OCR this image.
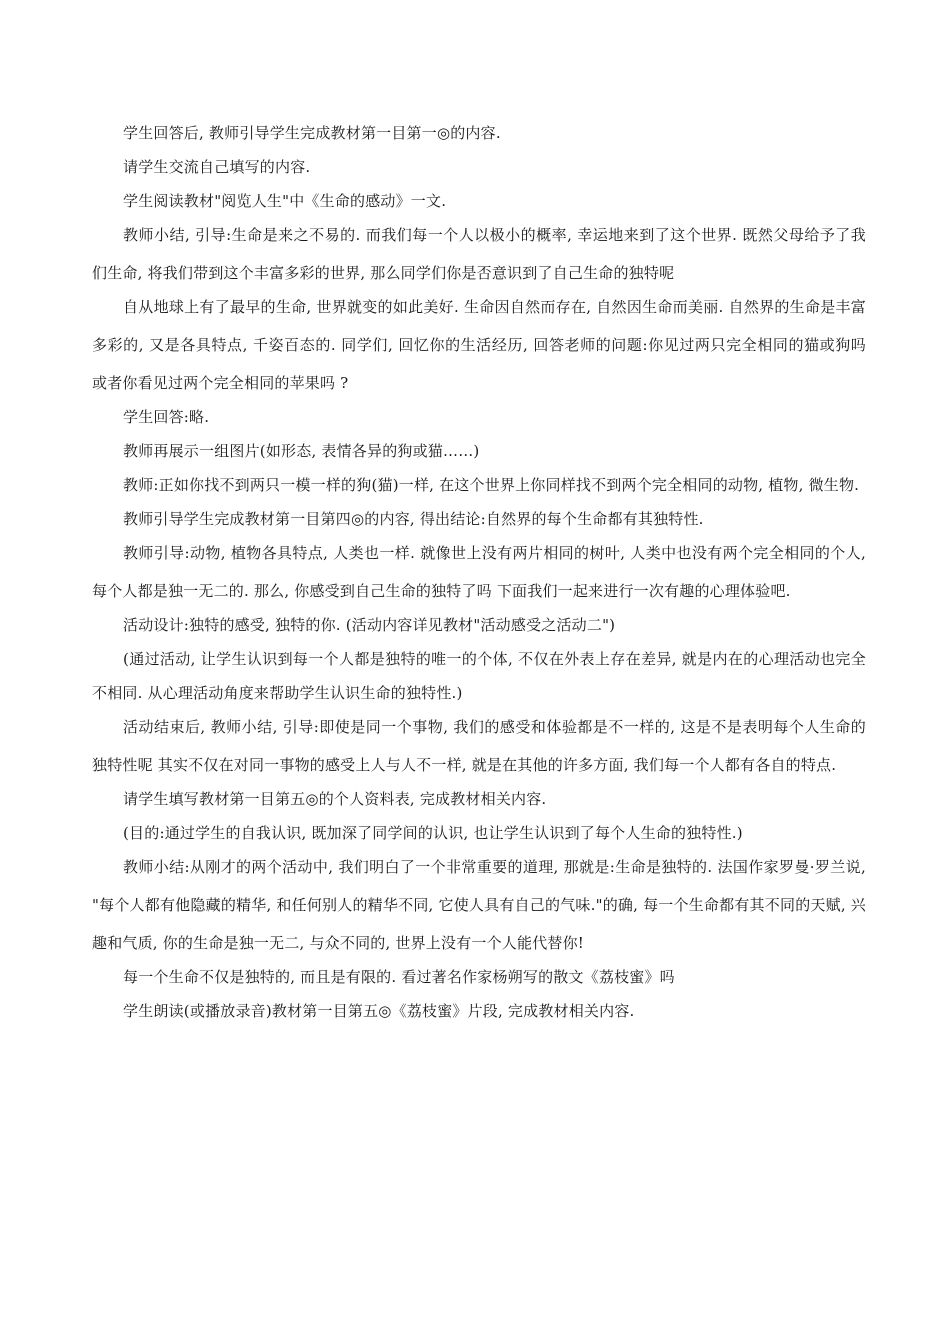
学生回答后, 教师引导学生完成教材第一目第一◎的内容.

请学生交流自己填写的内容.

学生阅读教材"阅览人生"中《生命的感动》一文.

教师小结, 引导:生命是来之不易的. 而我们每一个人以极小的概率, 幸运地来到了这个世界. 既然父母给予了我们生命, 将我们带到这个丰富多彩的世界, 那么同学们你是否意识到了自己生命的独特呢

自从地球上有了最早的生命, 世界就变的如此美好. 生命因自然而存在, 自然因生命而美丽. 自然界的生命是丰富多彩的, 又是各具特点, 千姿百态的. 同学们, 回忆你的生活经历, 回答老师的问题:你见过两只完全相同的猫或狗吗 或者你看见过两个完全相同的苹果吗 ?

学生回答:略.

教师再展示一组图片(如形态, 表情各异的狗或猫……)

教师:正如你找不到两只一模一样的狗(猫)一样, 在这个世界上你同样找不到两个完全相同的动物, 植物, 微生物.

教师引导学生完成教材第一目第四◎的内容, 得出结论:自然界的每个生命都有其独特性.

教师引导:动物, 植物各具特点, 人类也一样. 就像世上没有两片相同的树叶, 人类中也没有两个完全相同的个人, 每个人都是独一无二的. 那么, 你感受到自己生命的独特了吗 下面我们一起来进行一次有趣的心理体验吧.

活动设计:独特的感受, 独特的你. (活动内容详见教材"活动感受之活动二")

(通过活动, 让学生认识到每一个人都是独特的唯一的个体, 不仅在外表上存在差异, 就是内在的心理活动也完全不相同. 从心理活动角度来帮助学生认识生命的独特性.)

活动结束后, 教师小结, 引导:即使是同一个事物, 我们的感受和体验都是不一样的, 这是不是表明每个人生命的独特性呢 其实不仅在对同一事物的感受上人与人不一样, 就是在其他的许多方面, 我们每一个人都有各自的特点.

请学生填写教材第一目第五◎的个人资料表, 完成教材相关内容.

(目的:通过学生的自我认识, 既加深了同学间的认识, 也让学生认识到了每个人生命的独特性.)

教师小结:从刚才的两个活动中, 我们明白了一个非常重要的道理, 那就是:生命是独特的. 法国作家罗曼·罗兰说, "每个人都有他隐藏的精华, 和任何别人的精华不同, 它使人具有自己的气味."的确, 每一个生命都有其不同的天赋, 兴趣和气质, 你的生命是独一无二, 与众不同的, 世界上没有一个人能代替你!

每一个生命不仅是独特的, 而且是有限的. 看过著名作家杨朔写的散文《荔枝蜜》吗

学生朗读(或播放录音)教材第一目第五◎《荔枝蜜》片段, 完成教材相关内容.
